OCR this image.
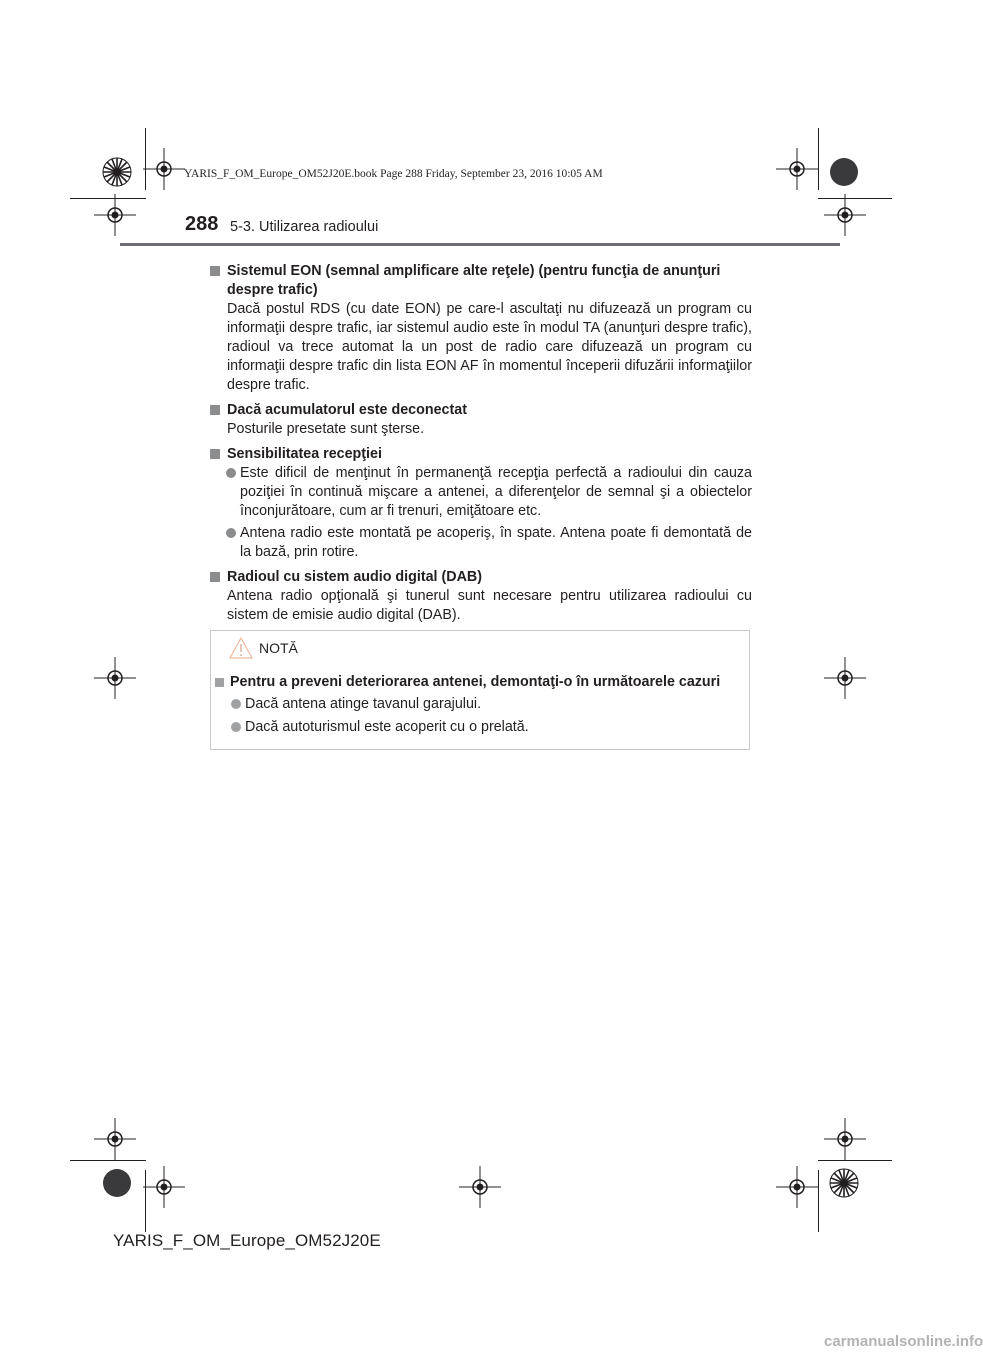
YARIS_F_OM_Europe_OM52J20E.book Page 288 Friday, September 23, 2016 10:05 AM
288 5-3. Utilizarea radioului
Sistemul EON (semnal amplificare alte reţele) (pentru funcţia de anunţuri despre trafic)
Dacă postul RDS (cu date EON) pe care-l ascultaţi nu difuzează un program cu informaţii despre trafic, iar sistemul audio este în modul TA (anunţuri despre trafic), radioul va trece automat la un post de radio care difuzează un program cu informaţii despre trafic din lista EON AF în momentul începerii difuzării informaţiilor despre trafic.
Dacă acumulatorul este deconectat
Posturile presetate sunt şterse.
Sensibilitatea recepţiei
Este dificil de menţinut în permanenţă recepţia perfectă a radioului din cauza poziţiei în continuă mişcare a antenei, a diferenţelor de semnal şi a obiectelor înconjurătoare, cum ar fi trenuri, emiţătoare etc.
Antena radio este montată pe acoperiş, în spate. Antena poate fi demontată de la bază, prin rotire.
Radioul cu sistem audio digital (DAB)
Antena radio opţională şi tunerul sunt necesare pentru utilizarea radioului cu sistem de emisie audio digital (DAB).
NOTĂ
Pentru a preveni deteriorarea antenei, demontaţi-o în următoarele cazuri
Dacă antena atinge tavanul garajului.
Dacă autoturismul este acoperit cu o prelată.
YARIS_F_OM_Europe_OM52J20E
carmanualsonline.info
